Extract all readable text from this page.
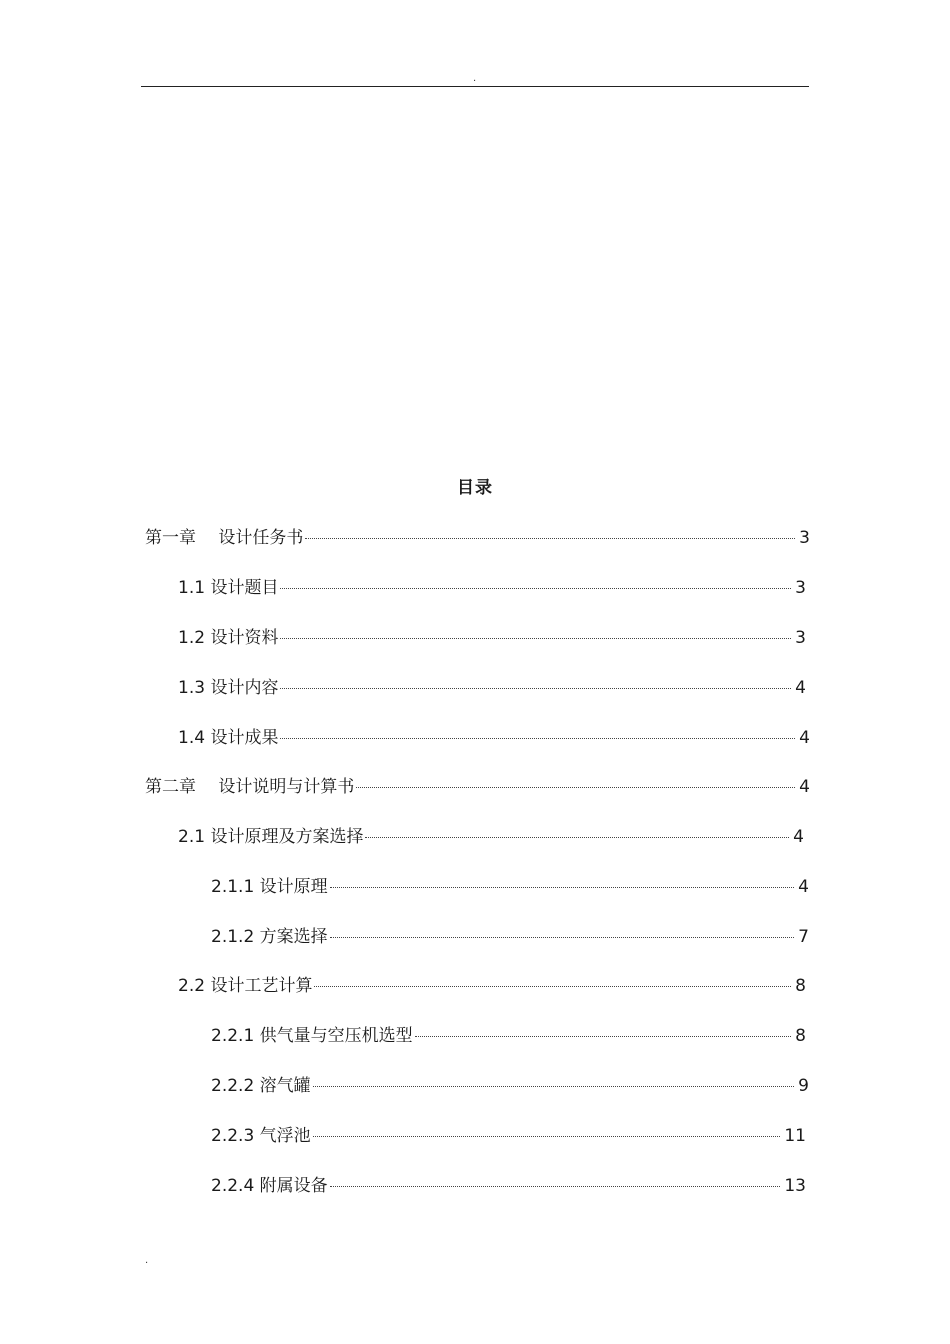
.
目录
第一章　 设计任务书	3
1.1 设计题目	3
1.2 设计资料	3
1.3 设计内容	4
1.4 设计成果	4
第二章　 设计说明与计算书	4
2.1 设计原理及方案选择	4
2.1.1 设计原理	4
2.1.2 方案选择	7
2.2 设计工艺计算	8
2.2.1 供气量与空压机选型	8
2.2.2 溶气罐	9
2.2.3 气浮池	11
2.2.4 附属设备	13
.
